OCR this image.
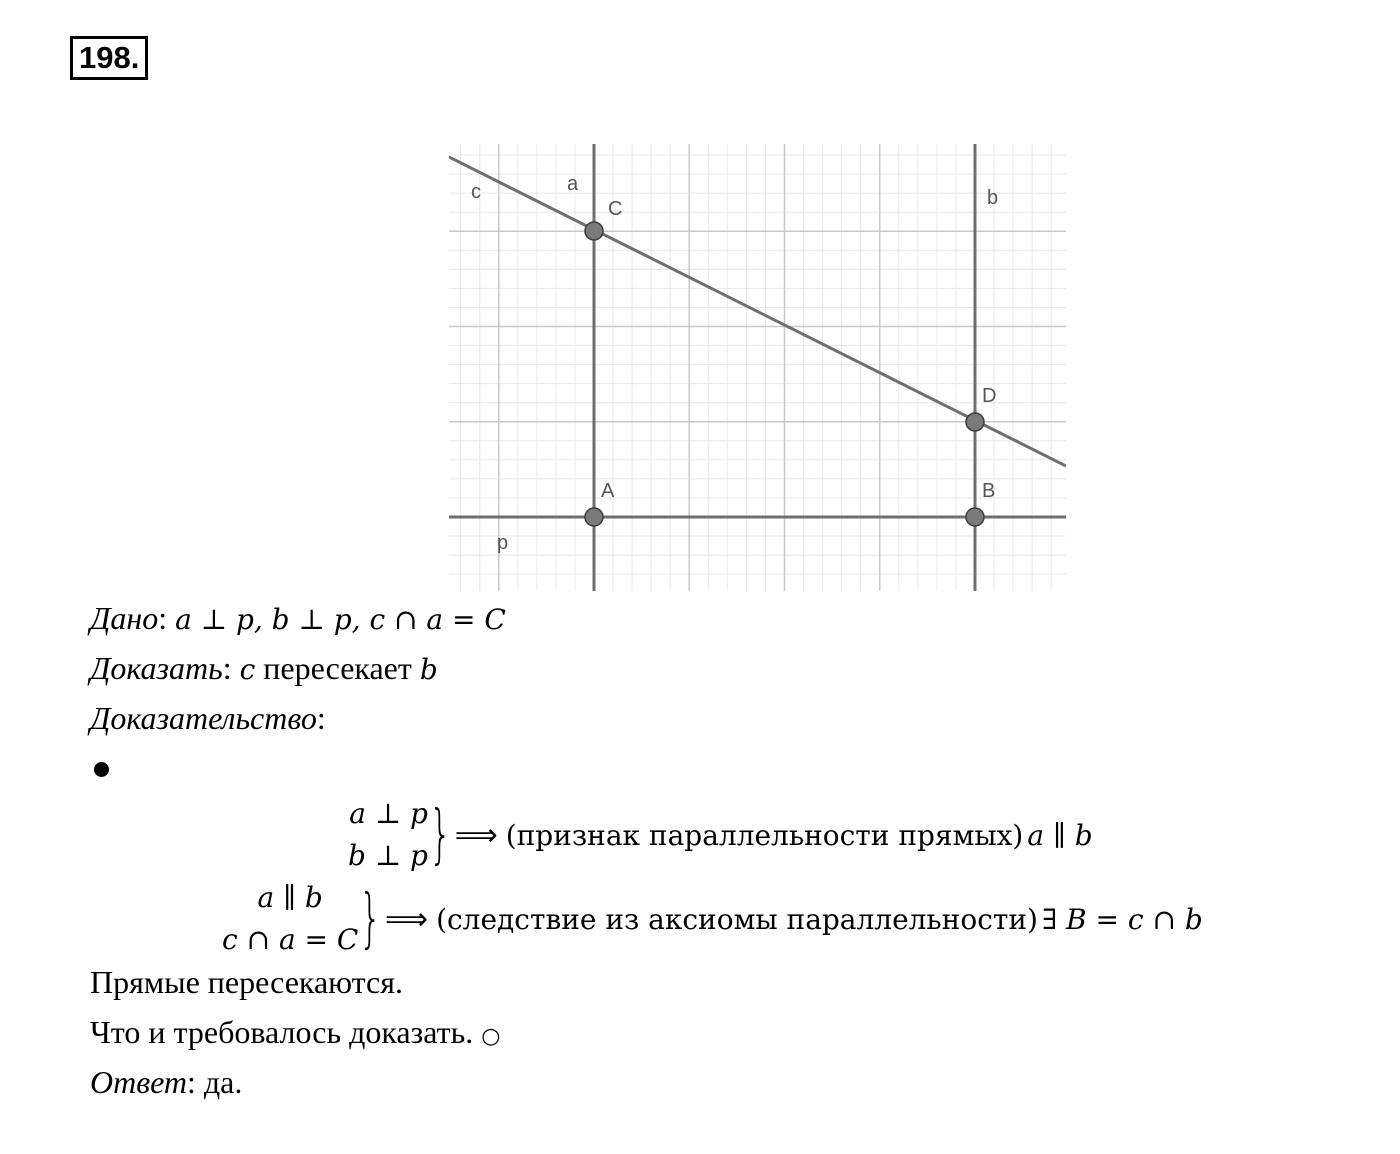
198.
c	a
b
p
C
D
A	B
Дано: a ⊥ p, b ⊥ p, c ∩ a = C
Доказать: c пересекает b
Доказательство:
a ⊥ p
b ⊥ p } ⟹ (признак параллельности прямых) a ∥ b
a ∥ b
c ∩ a = C } ⟹ (следствие из аксиомы параллельности) ∃ B = c ∩ b
Прямые пересекаются.
Что и требовалось доказать. ○
Ответ: да.
